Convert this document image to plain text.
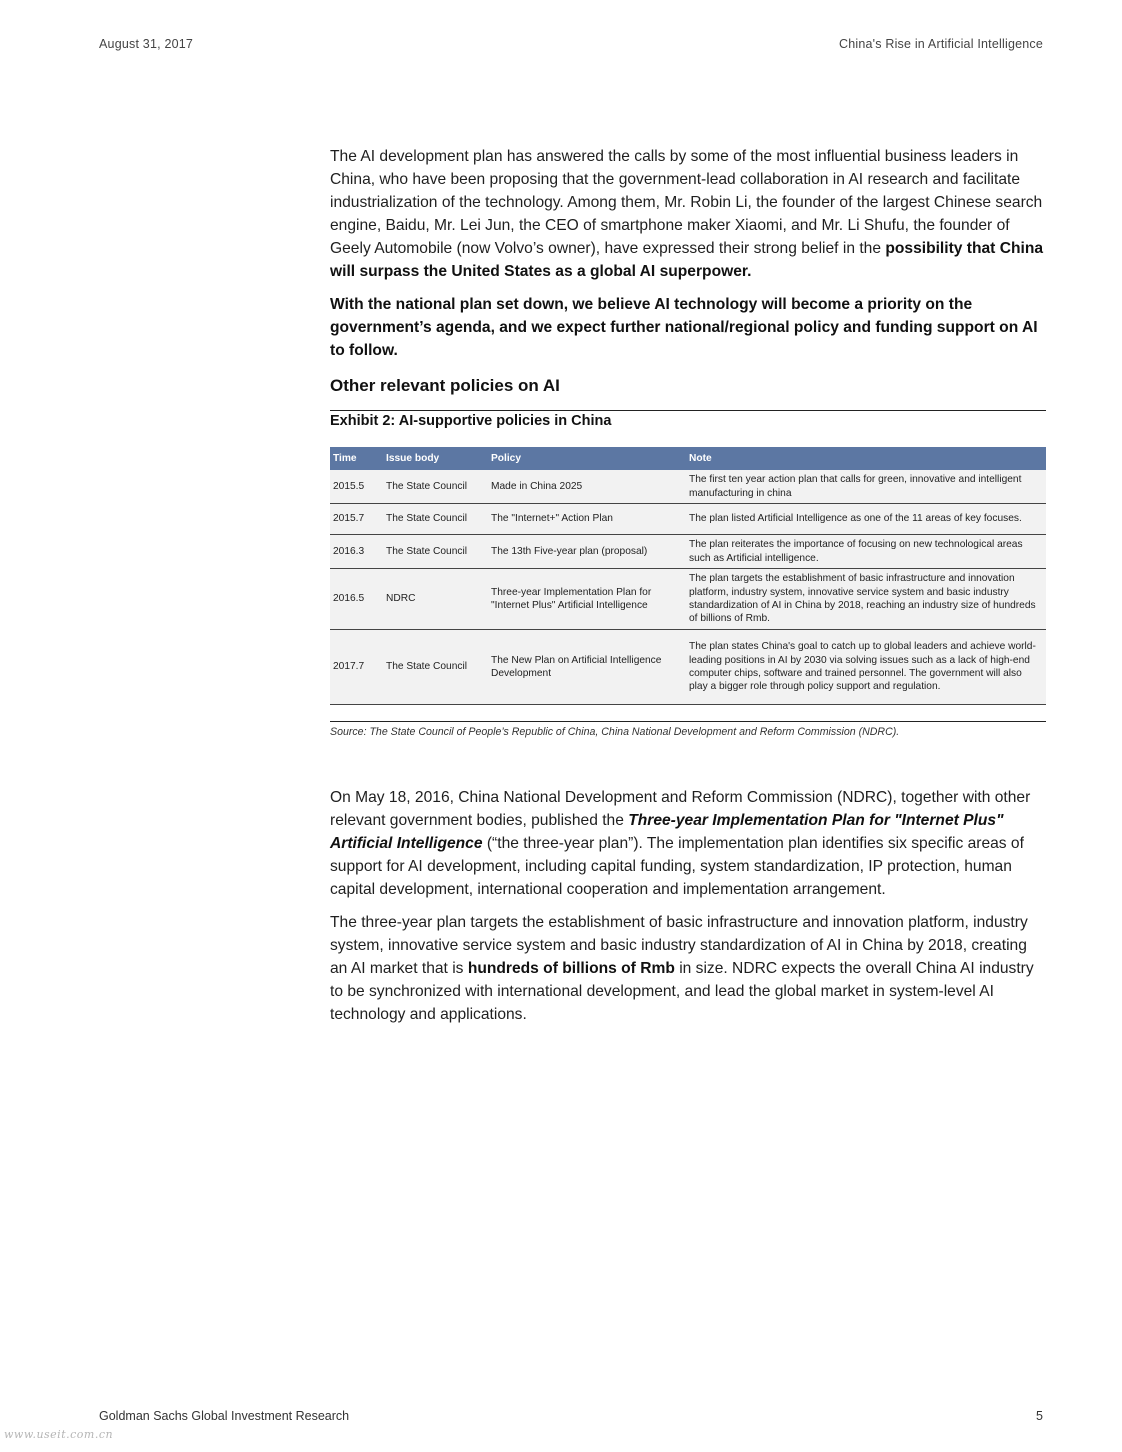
August 31, 2017	China's Rise in Artificial Intelligence

The AI development plan has answered the calls by some of the most influential business leaders in China, who have been proposing that the government-lead collaboration in AI research and facilitate industrialization of the technology. Among them, Mr. Robin Li, the founder of the largest Chinese search engine, Baidu, Mr. Lei Jun, the CEO of smartphone maker Xiaomi, and Mr. Li Shufu, the founder of Geely Automobile (now Volvo’s owner), have expressed their strong belief in the possibility that China will surpass the United States as a global AI superpower.

With the national plan set down, we believe AI technology will become a priority on the government’s agenda, and we expect further national/regional policy and funding support on AI to follow.

Other relevant policies on AI
Exhibit 2: AI-supportive policies in China
Time	Issue body	Policy	Note
2015.5	The State Council	Made in China 2025	The first ten year action plan that calls for green, innovative and intelligent manufacturing in china
2015.7	The State Council	The "Internet+" Action Plan	The plan listed Artificial Intelligence as one of the 11 areas of key focuses.
2016.3	The State Council	The 13th Five-year plan (proposal)	The plan reiterates the importance of focusing on new technological areas such as Artificial intelligence.
2016.5	NDRC	Three-year Implementation Plan for "Internet Plus" Artificial Intelligence	The plan targets the establishment of basic infrastructure and innovation platform, industry system, innovative service system and basic industry standardization of AI in China by 2018, reaching an industry size of hundreds of billions of Rmb.
2017.7	The State Council	The New Plan on Artificial Intelligence Development	The plan states China's goal to catch up to global leaders and achieve world-leading positions in AI by 2030 via solving issues such as a lack of high-end computer chips, software and trained personnel. The government will also play a bigger role through policy support and regulation.
Source: The State Council of People’s Republic of China, China National Development and Reform Commission (NDRC).

On May 18, 2016, China National Development and Reform Commission (NDRC), together with other relevant government bodies, published the Three-year Implementation Plan for "Internet Plus" Artificial Intelligence (“the three-year plan”). The implementation plan identifies six specific areas of support for AI development, including capital funding, system standardization, IP protection, human capital development, international cooperation and implementation arrangement.

The three-year plan targets the establishment of basic infrastructure and innovation platform, industry system, innovative service system and basic industry standardization of AI in China by 2018, creating an AI market that is hundreds of billions of Rmb in size. NDRC expects the overall China AI industry to be synchronized with international development, and lead the global market in system-level AI technology and applications.

Goldman Sachs Global Investment Research	5
www.useit.com.cn
